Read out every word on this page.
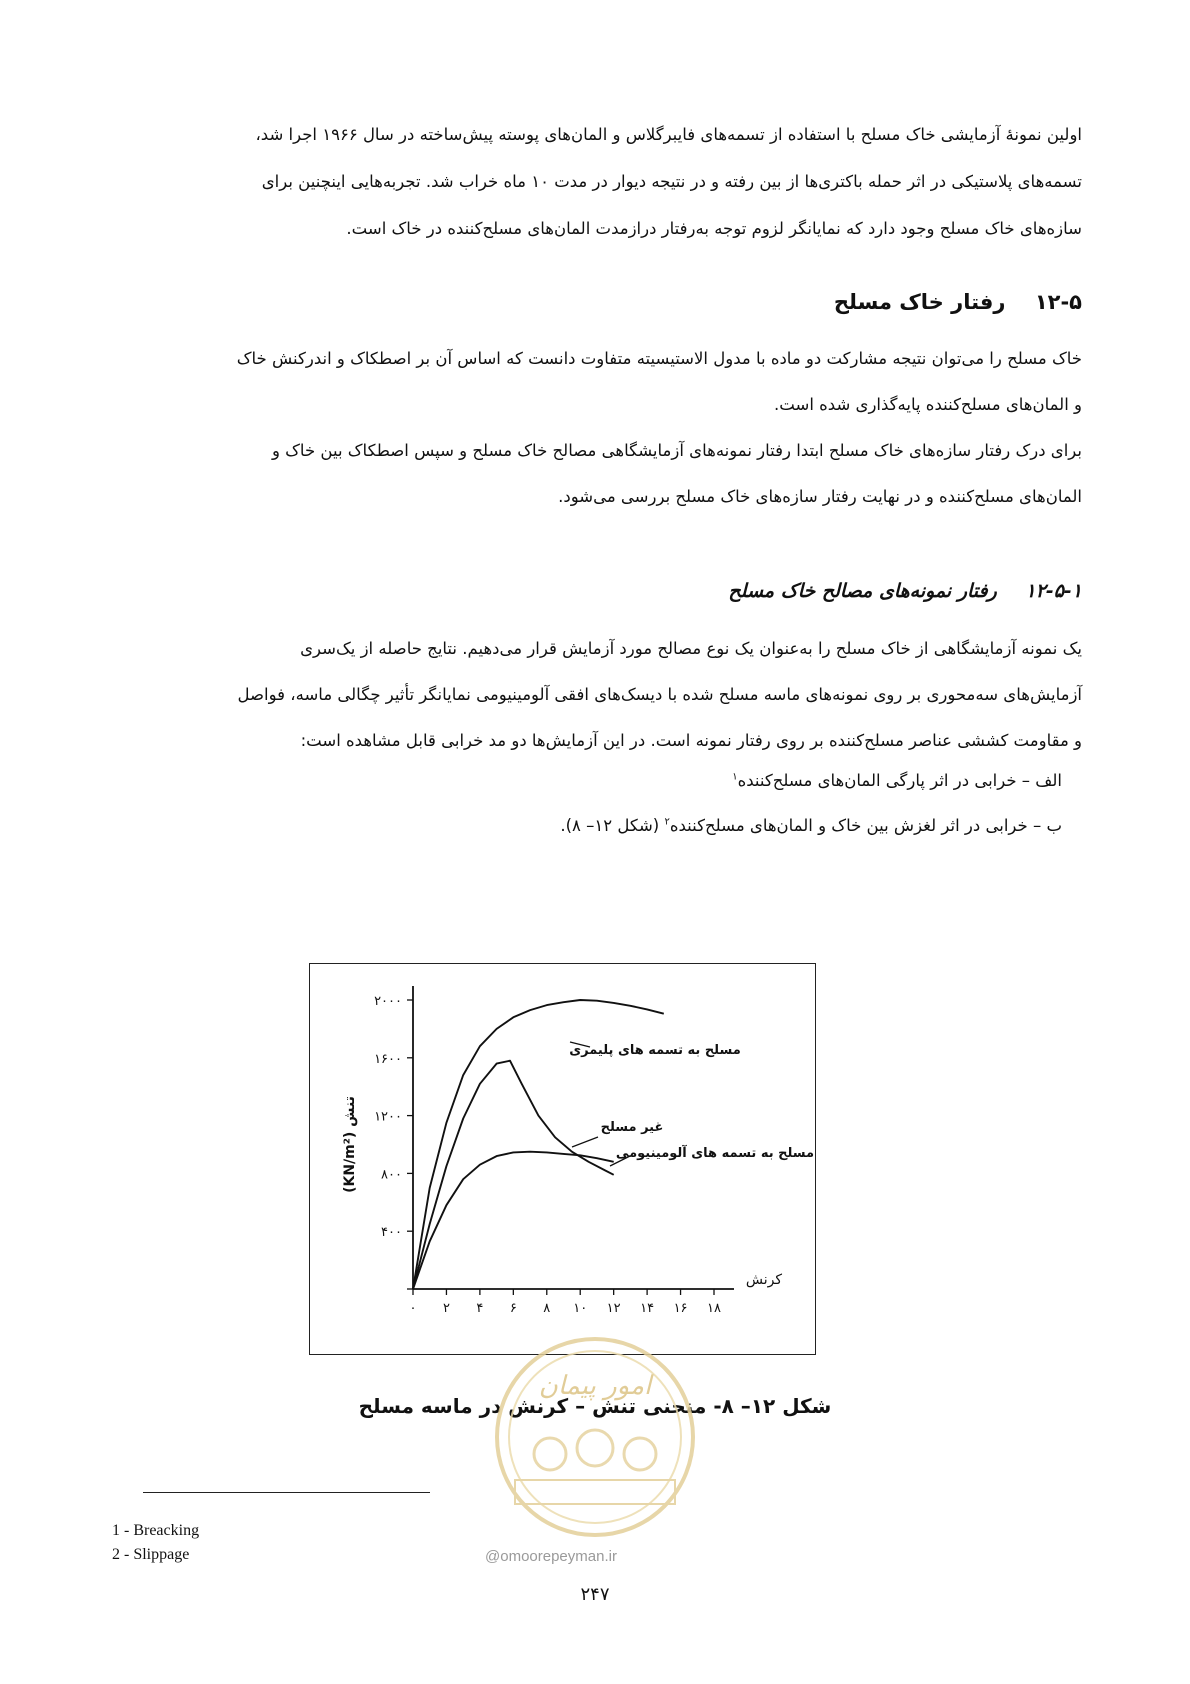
اولین نمونهٔ آزمایشی خاک مسلح با استفاده از تسمه‌های فایبرگلاس و المان‌های پوسته پیش‌ساخته در سال ۱۹۶۶ اجرا شد،

تسمه‌های پلاستیکی در اثر حمله باکتری‌ها از بین رفته و در نتیجه دیوار در مدت ۱۰ ماه خراب شد. تجربه‌هایی اینچنین برای

سازه‌های خاک مسلح وجود دارد که نمایانگر لزوم توجه به‌رفتار درازمدت المان‌های مسلح‌کننده در خاک است.

۱۲-۵ رفتار خاک مسلح

خاک مسلح را می‌توان نتیجه مشارکت دو ماده با مدول الاستیسیته متفاوت دانست که اساس آن بر اصطکاک و اندرکنش خاک

و المان‌های مسلح‌کننده پایه‌گذاری شده است.

برای درک رفتار سازه‌های خاک مسلح ابتدا رفتار نمونه‌های آزمایشگاهی مصالح خاک مسلح و سپس اصطکاک بین خاک و

المان‌های مسلح‌کننده و در نهایت رفتار سازه‌های خاک مسلح بررسی می‌شود.

۱۲-۵-۱ رفتار نمونه‌های مصالح خاک مسلح

یک نمونه آزمایشگاهی از خاک مسلح را به‌عنوان یک نوع مصالح مورد آزمایش قرار می‌دهیم. نتایج حاصله از یک‌سری

آزمایش‌های سه‌محوری بر روی نمونه‌های ماسه مسلح شده با دیسک‌های افقی آلومینیومی نمایانگر تأثیر چگالی ماسه، فواصل

و مقاومت کششی عناصر مسلح‌کننده بر روی رفتار نمونه است. در این آزمایش‌ها دو مد خرابی قابل مشاهده است:

الف – خرابی در اثر پارگی المان‌های مسلح‌کننده$^۱$

ب – خرابی در اثر لغزش بین خاک و المان‌های مسلح‌کننده$^۲$ (شکل ۱۲– ۸).

۰ ۲ ۴ ۶ ۸ ۱۰ ۱۲ ۱۴ ۱۶ ۱۸
۴۰۰
۸۰۰
۱۲۰۰
۱۶۰۰
۲۰۰۰
کرنش
(KN/m²) تنش
مسلح به تسمه های پلیمری
غیر مسلح
مسلح به تسمه های آلومینیومی

شکل ۱۲– ۸- منحنی تنش – کرنش در ماسه مسلح

امور پیمان

1 - Breacking

2 - Slippage	@omoorepeyman.ir
۲۴۷
